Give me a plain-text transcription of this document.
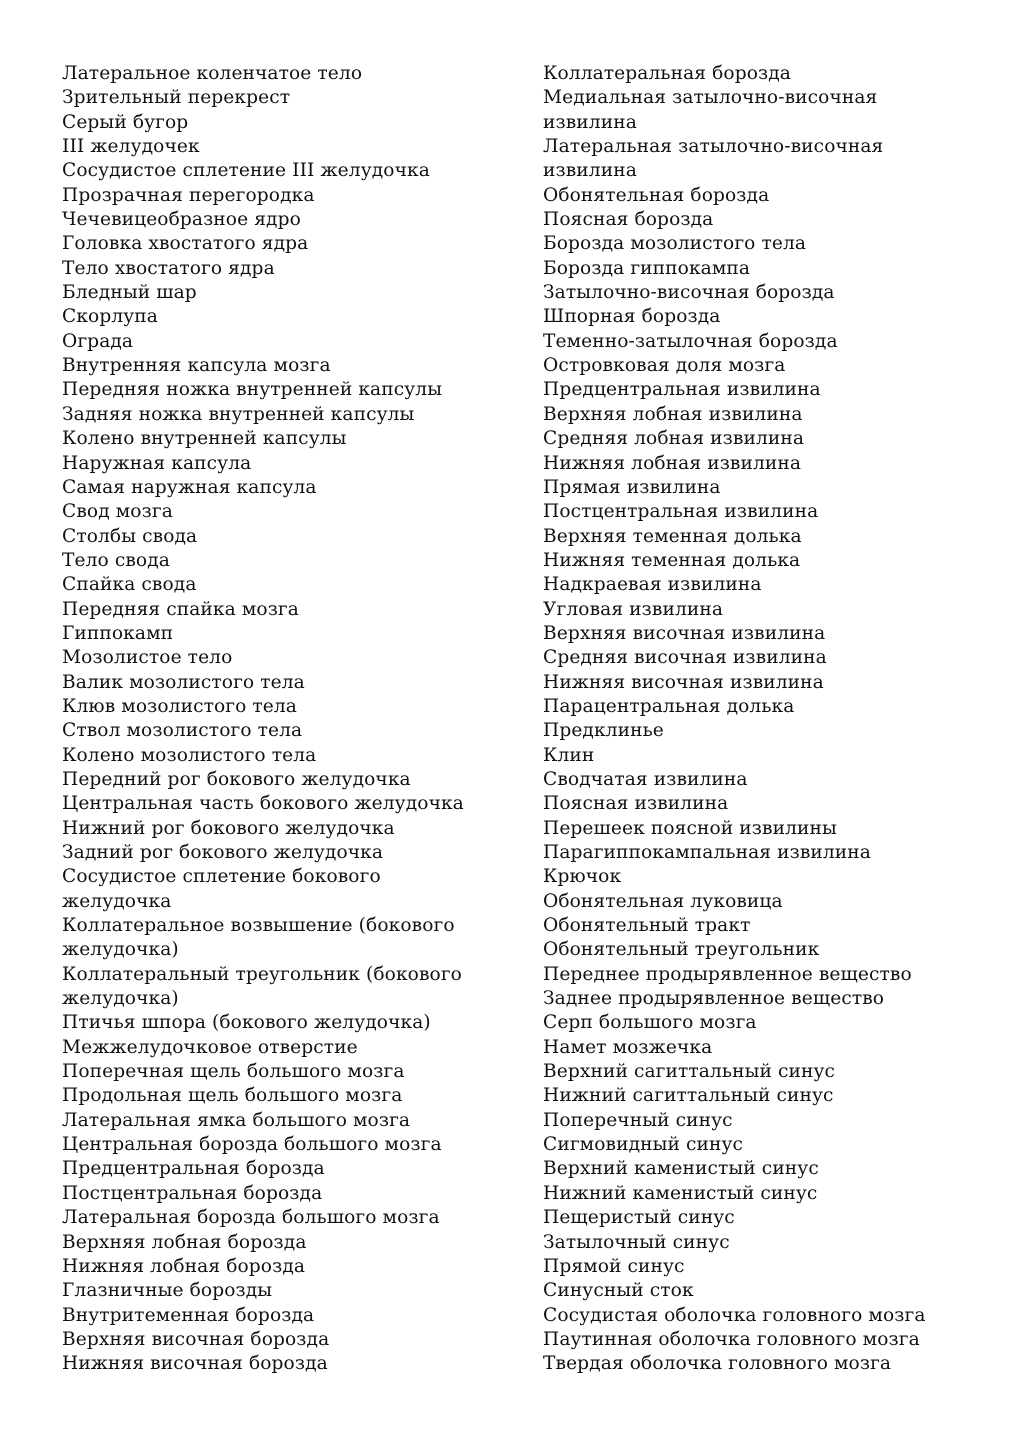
Латеральное коленчатое тело
Зрительный перекрест
Серый бугор
III желудочек
Сосудистое сплетение III желудочка
Прозрачная перегородка
Чечевицеобразное ядро
Головка хвостатого ядра
Тело хвостатого ядра
Бледный шар
Скорлупа
Ограда
Внутренняя капсула мозга
Передняя ножка внутренней капсулы
Задняя ножка внутренней капсулы
Колено внутренней капсулы
Наружная капсула
Самая наружная капсула
Свод мозга
Столбы свода
Тело свода
Спайка свода
Передняя спайка мозга
Гиппокамп
Мозолистое тело
Валик мозолистого тела
Клюв мозолистого тела
Ствол мозолистого тела
Колено мозолистого тела
Передний рог бокового желудочка
Центральная часть бокового желудочка
Нижний рог бокового желудочка
Задний рог бокового желудочка
Сосудистое сплетение бокового
желудочка
Коллатеральное возвышение (бокового
желудочка)
Коллатеральный треугольник (бокового
желудочка)
Птичья шпора (бокового желудочка)
Межжелудочковое отверстие
Поперечная щель большого мозга
Продольная щель большого мозга
Латеральная ямка большого мозга
Центральная борозда большого мозга
Предцентральная борозда
Постцентральная борозда
Латеральная борозда большого мозга
Верхняя лобная борозда
Нижняя лобная борозда
Глазничные борозды
Внутритеменная борозда
Верхняя височная борозда
Нижняя височная борозда
Коллатеральная борозда
Медиальная затылочно-височная
извилина
Латеральная затылочно-височная
извилина
Обонятельная борозда
Поясная борозда
Борозда мозолистого тела
Борозда гиппокампа
Затылочно-височная борозда
Шпорная борозда
Теменно-затылочная борозда
Островковая доля мозга
Предцентральная извилина
Верхняя лобная извилина
Средняя лобная извилина
Нижняя лобная извилина
Прямая извилина
Постцентральная извилина
Верхняя теменная долька
Нижняя теменная долька
Надкраевая извилина
Угловая извилина
Верхняя височная извилина
Средняя височная извилина
Нижняя височная извилина
Парацентральная долька
Предклинье
Клин
Сводчатая извилина
Поясная извилина
Перешеек поясной извилины
Парагиппокампальная извилина
Крючок
Обонятельная луковица
Обонятельный тракт
Обонятельный треугольник
Переднее продырявленное вещество
Заднее продырявленное вещество
Серп большого мозга
Намет мозжечка
Верхний сагиттальный синус
Нижний сагиттальный синус
Поперечный синус
Сигмовидный синус
Верхний каменистый синус
Нижний каменистый синус
Пещеристый синус
Затылочный синус
Прямой синус
Синусный сток
Сосудистая оболочка головного мозга
Паутинная оболочка головного мозга
Твердая оболочка головного мозга
